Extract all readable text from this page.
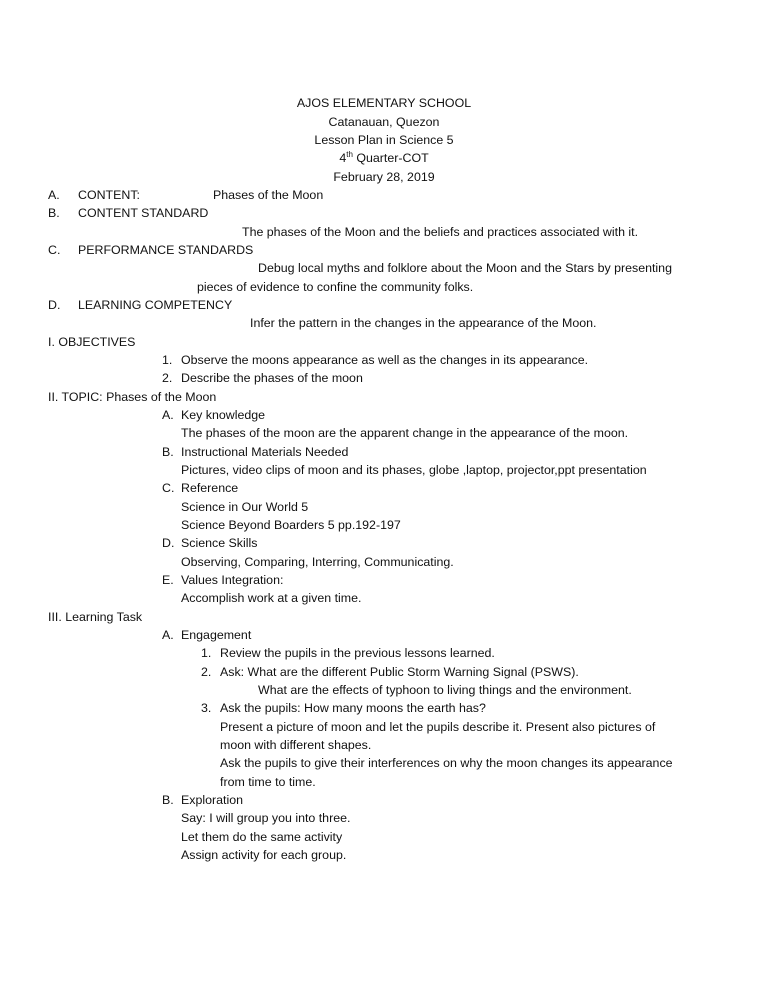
AJOS ELEMENTARY SCHOOL
Catanauan, Quezon
Lesson Plan in Science 5
4th Quarter-COT
February 28, 2019
A. CONTENT:	Phases of the Moon
B. CONTENT STANDARD
The phases of the Moon and the beliefs and practices associated with it.
C. PERFORMANCE STANDARDS
Debug local myths and folklore about the Moon and the Stars by presenting
pieces of evidence to confine the community folks.
D. LEARNING COMPETENCY
Infer the pattern in the changes in the appearance of the Moon.
I. OBJECTIVES
1. Observe the moons appearance as well as the changes in its appearance.
2. Describe the phases of the moon
II. TOPIC: Phases of the Moon
A. Key knowledge
The phases of the moon are the apparent change in the appearance of the moon.
B. Instructional Materials Needed
Pictures, video clips of moon and its phases, globe ,laptop, projector,ppt presentation
C. Reference
Science in Our World 5
Science Beyond Boarders 5 pp.192-197
D. Science Skills
Observing, Comparing, Interring, Communicating.
E. Values Integration:
Accomplish work at a given time.
III. Learning Task
A. Engagement
1. Review the pupils in the previous lessons learned.
2. Ask: What are the different Public Storm Warning Signal (PSWS).
What are the effects of typhoon to living things and the environment.
3. Ask the pupils: How many moons the earth has?
Present a picture of moon and let the pupils describe it. Present also pictures of
moon with different shapes.
Ask the pupils to give their interferences on why the moon changes its appearance
from time to time.
B. Exploration
Say: I will group you into three.
Let them do the same activity
Assign activity for each group.
